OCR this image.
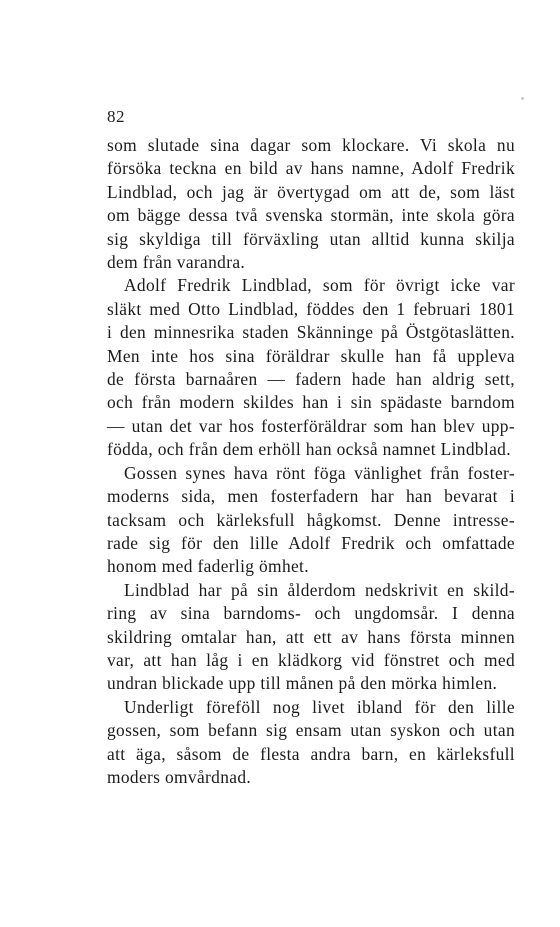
82
som slutade sina dagar som klockare. Vi skola nu
försöka teckna en bild av hans namne, Adolf Fredrik
Lindblad, och jag är övertygad om att de, som läst
om bägge dessa två svenska stormän, inte skola göra
sig skyldiga till förväxling utan alltid kunna skilja
dem från varandra.
Adolf Fredrik Lindblad, som för övrigt icke var
släkt med Otto Lindblad, föddes den 1 februari 1801
i den minnesrika staden Skänninge på Östgötaslätten.
Men inte hos sina föräldrar skulle han få uppleva
de första barnaåren — fadern hade han aldrig sett,
och från modern skildes han i sin spädaste barndom
— utan det var hos fosterföräldrar som han blev upp-
födda, och från dem erhöll han också namnet Lindblad.
Gossen synes hava rönt föga vänlighet från foster-
moderns sida, men fosterfadern har han bevarat i
tacksam och kärleksfull hågkomst. Denne intresse-
rade sig för den lille Adolf Fredrik och omfattade
honom med faderlig ömhet.
Lindblad har på sin ålderdom nedskrivit en skild-
ring av sina barndoms- och ungdomsår. I denna
skildring omtalar han, att ett av hans första minnen
var, att han låg i en klädkorg vid fönstret och med
undran blickade upp till månen på den mörka himlen.
Underligt föreföll nog livet ibland för den lille
gossen, som befann sig ensam utan syskon och utan
att äga, såsom de flesta andra barn, en kärleksfull
moders omvårdnad.
